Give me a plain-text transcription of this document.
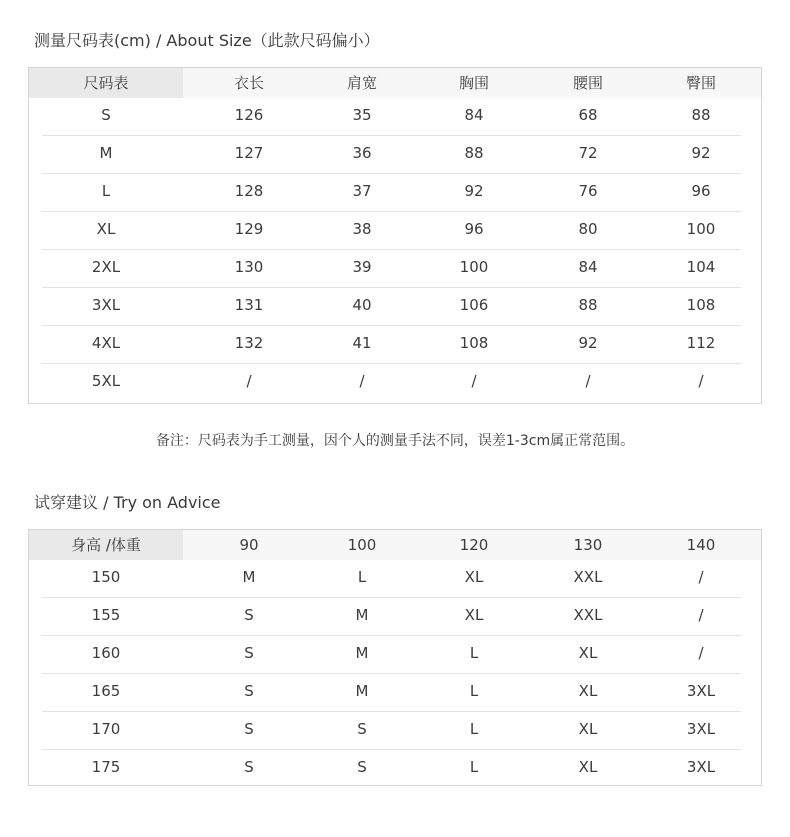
测量尺码表(cm) / About Size（此款尺码偏小）
尺码表	衣长	肩宽	胸围	腰围	臀围
S	126	35	84	68	88
M	127	36	88	72	92
L	128	37	92	76	96
XL	129	38	96	80	100
2XL	130	39	100	84	104
3XL	131	40	106	88	108
4XL	132	41	108	92	112
5XL	/	/	/	/	/
备注：尺码表为手工测量，因个人的测量手法不同，误差1-3cm属正常范围。
试穿建议 / Try on Advice
身高 /体重	90	100	120	130	140
150	M	L	XL	XXL	/
155	S	M	XL	XXL	/
160	S	M	L	XL	/
165	S	M	L	XL	3XL
170	S	S	L	XL	3XL
175	S	S	L	XL	3XL
